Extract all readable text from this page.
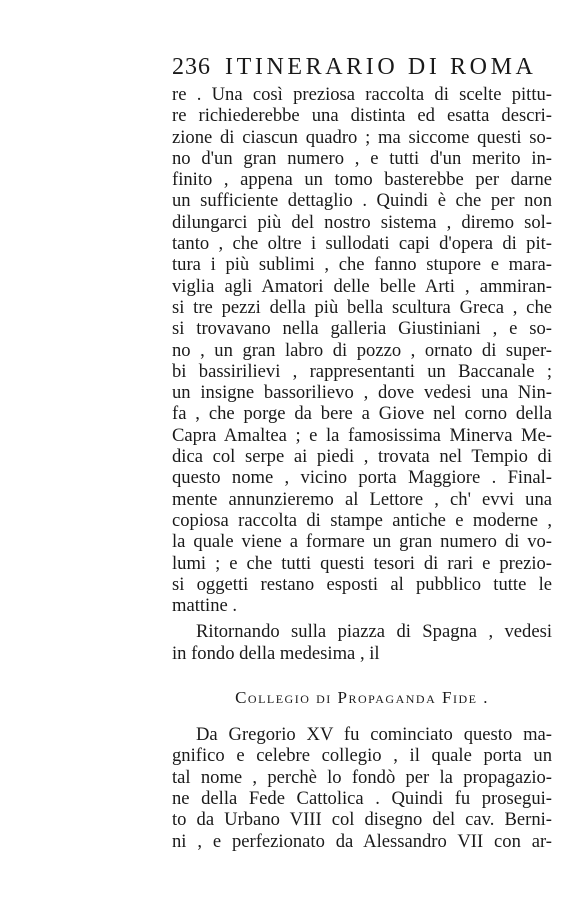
236 ITINERARIO DI ROMA
re . Una così preziosa raccolta di scelte pittu-
re richiederebbe una distinta ed esatta descri-
zione di ciascun quadro ; ma siccome questi so-
no d'un gran numero , e tutti d'un merito in-
finito , appena un tomo basterebbe per darne
un sufficiente dettaglio . Quindi è che per non
dilungarci più del nostro sistema , diremo sol-
tanto , che oltre i sullodati capi d'opera di pit-
tura i più sublimi , che fanno stupore e mara-
viglia agli Amatori delle belle Arti , ammiran-
si tre pezzi della più bella scultura Greca , che
si trovavano nella galleria Giustiniani , e so-
no , un gran labro di pozzo , ornato di super-
bi bassirilievi , rappresentanti un Baccanale ;
un insigne bassorilievo , dove vedesi una Nin-
fa , che porge da bere a Giove nel corno della
Capra Amaltea ; e la famosissima Minerva Me-
dica col serpe ai piedi , trovata nel Tempio di
questo nome , vicino porta Maggiore . Final-
mente annunzieremo al Lettore , ch' evvi una
copiosa raccolta di stampe antiche e moderne ,
la quale viene a formare un gran numero di vo-
lumi ; e che tutti questi tesori di rari e prezio-
si oggetti restano esposti al pubblico tutte le
mattine .
Ritornando sulla piazza di Spagna , vedesi
in fondo della medesima , il
Collegio di Propaganda Fide .
Da Gregorio XV fu cominciato questo ma-
gnifico e celebre collegio , il quale porta un
tal nome , perchè lo fondò per la propagazio-
ne della Fede Cattolica . Quindi fu prosegui-
to da Urbano VIII col disegno del cav. Berni-
ni , e perfezionato da Alessandro VII con ar-
